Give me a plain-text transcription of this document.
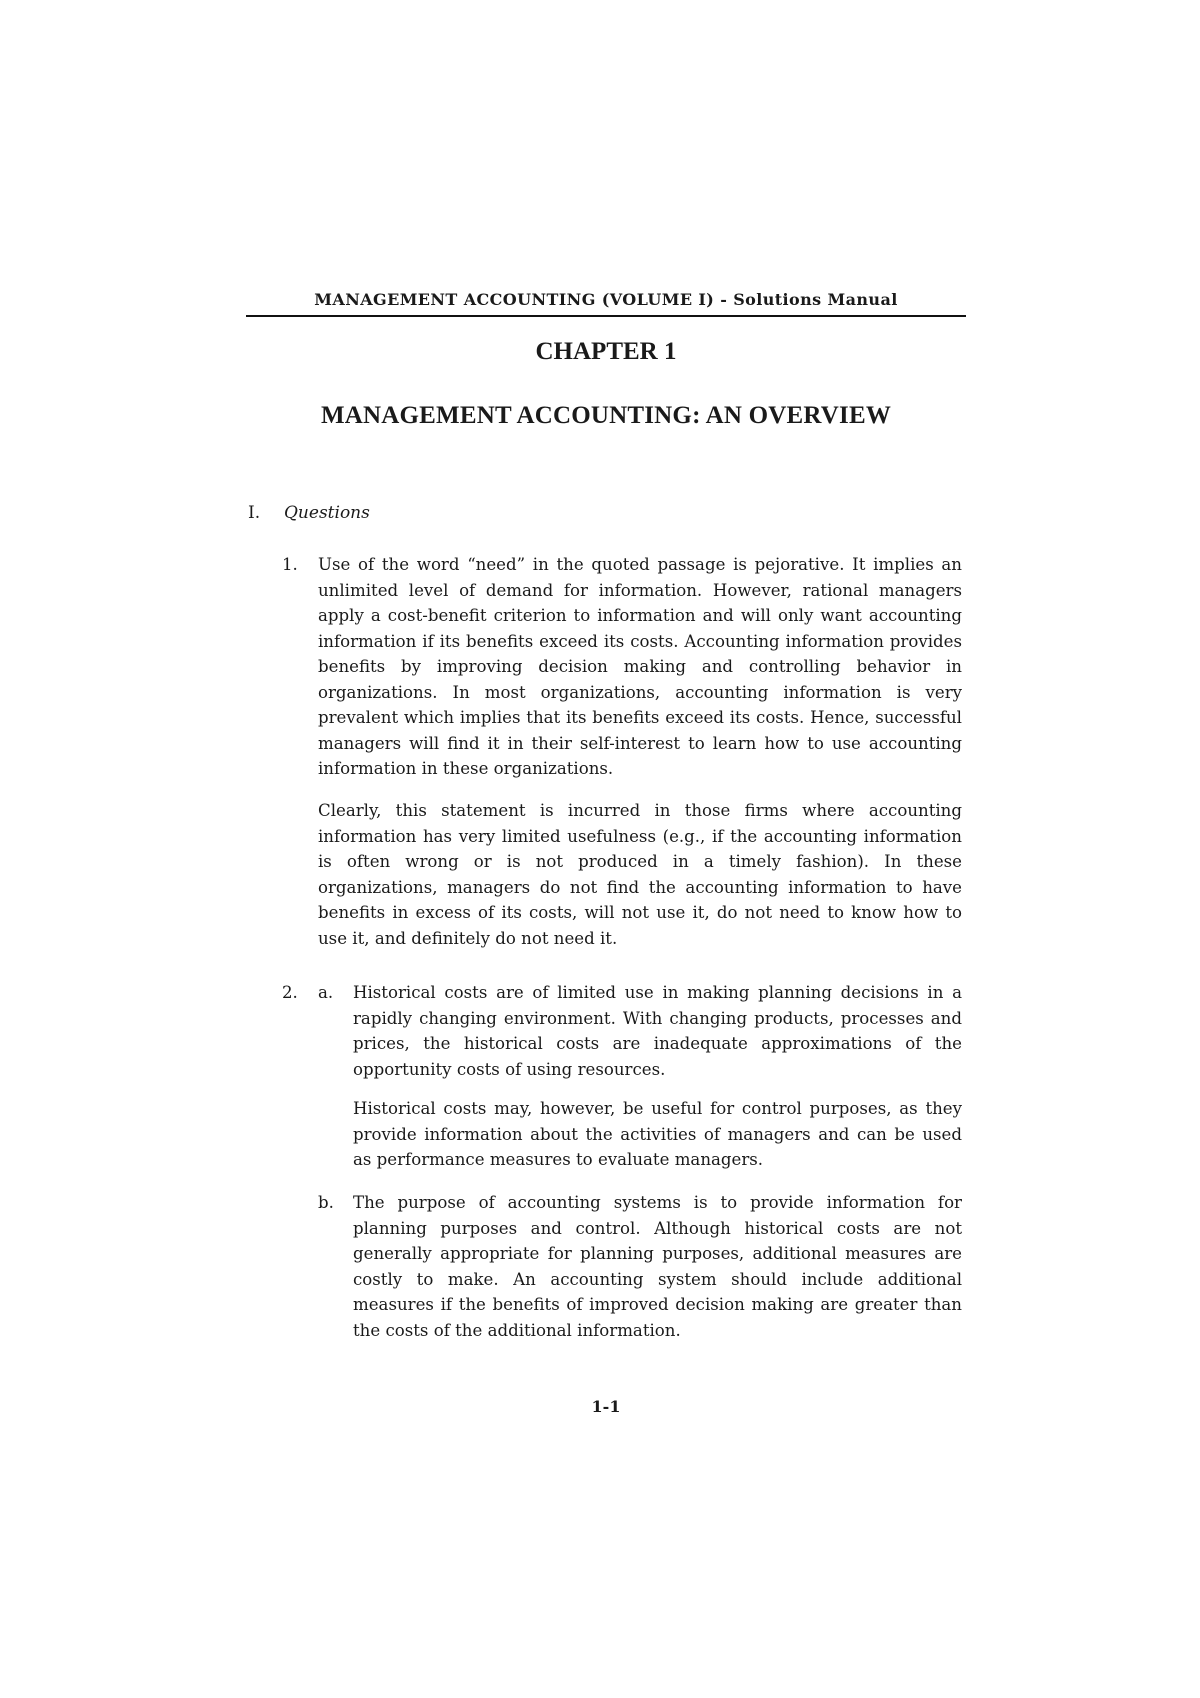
MANAGEMENT ACCOUNTING (VOLUME I) - Solutions Manual
CHAPTER 1
MANAGEMENT ACCOUNTING: AN OVERVIEW
I. Questions
1. Use of the word “need” in the quoted passage is pejorative. It implies an unlimited level of demand for information. However, rational managers apply a cost-benefit criterion to information and will only want accounting information if its benefits exceed its costs. Accounting information provides benefits by improving decision making and controlling behavior in organizations. In most organizations, accounting information is very prevalent which implies that its benefits exceed its costs. Hence, successful managers will find it in their self-interest to learn how to use accounting information in these organizations.

Clearly, this statement is incurred in those firms where accounting information has very limited usefulness (e.g., if the accounting information is often wrong or is not produced in a timely fashion). In these organizations, managers do not find the accounting information to have benefits in excess of its costs, will not use it, do not need to know how to use it, and definitely do not need it.

2. a. Historical costs are of limited use in making planning decisions in a rapidly changing environment. With changing products, processes and prices, the historical costs are inadequate approximations of the opportunity costs of using resources.

Historical costs may, however, be useful for control purposes, as they provide information about the activities of managers and can be used as performance measures to evaluate managers.

b. The purpose of accounting systems is to provide information for planning purposes and control. Although historical costs are not generally appropriate for planning purposes, additional measures are costly to make. An accounting system should include additional measures if the benefits of improved decision making are greater than the costs of the additional information.

1-1
